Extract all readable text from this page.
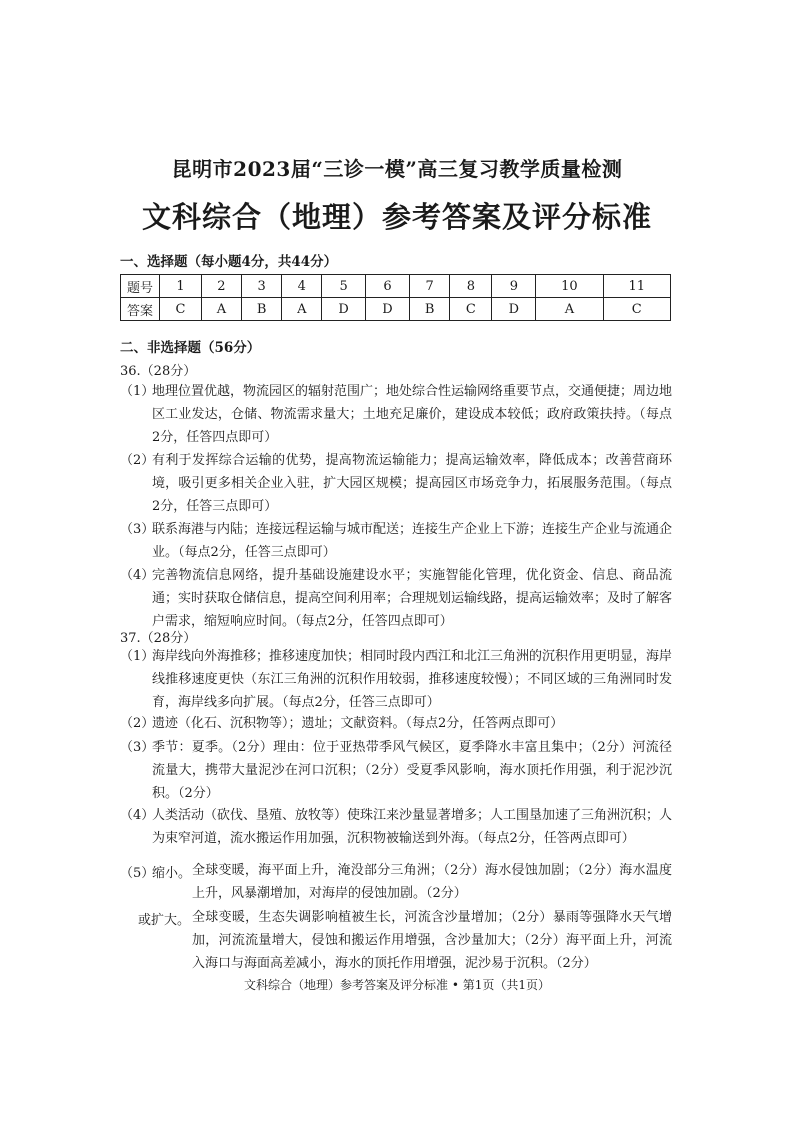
昆明市2023届“三诊一模”高三复习教学质量检测
文科综合（地理）参考答案及评分标准
一、选择题（每小题4分，共44分）
题号	1	2	3	4	5	6	7	8	9	10	11
答案	C	A	B	A	D	D	B	C	D	A	C
二、非选择题（56分）
36.（28分）
（1）
地理位置优越，物流园区的辐射范围广；地处综合性运输网络重要节点，交通便捷；周边地区工业发达，仓储、物流需求量大；土地充足廉价，建设成本较低；政府政策扶持。（每点2分，任答四点即可）
（2）
有利于发挥综合运输的优势，提高物流运输能力；提高运输效率，降低成本；改善营商环境，吸引更多相关企业入驻，扩大园区规模；提高园区市场竞争力，拓展服务范围。（每点2分，任答三点即可）
（3）
联系海港与内陆；连接远程运输与城市配送；连接生产企业上下游；连接生产企业与流通企业。（每点2分，任答三点即可）
（4）
完善物流信息网络，提升基础设施建设水平；实施智能化管理，优化资金、信息、商品流通；实时获取仓储信息，提高空间利用率；合理规划运输线路，提高运输效率；及时了解客户需求，缩短响应时间。（每点2分，任答四点即可）
37.（28分）
（1）
海岸线向外海推移；推移速度加快；相同时段内西江和北江三角洲的沉积作用更明显，海岸线推移速度更快（东江三角洲的沉积作用较弱，推移速度较慢）；不同区域的三角洲同时发育，海岸线多向扩展。（每点2分，任答三点即可）
（2）
遗迹（化石、沉积物等）；遗址；文献资料。（每点2分，任答两点即可）
（3）
季节：夏季。（2分）理由：位于亚热带季风气候区，夏季降水丰富且集中；（2分）河流径流量大，携带大量泥沙在河口沉积；（2分）受夏季风影响，海水顶托作用强，利于泥沙沉积。（2分）
（4）
人类活动（砍伐、垦殖、放牧等）使珠江来沙量显著增多；人工围垦加速了三角洲沉积；人为束窄河道，流水搬运作用加强，沉积物被输送到外海。（每点2分，任答两点即可）
（5）
缩小。 全球变暖，海平面上升，淹没部分三角洲；（2分）海水侵蚀加剧；（2分）海水温度上升，风暴潮增加，对海岸的侵蚀加剧。（2分）
或扩大。 全球变暖，生态失调影响植被生长，河流含沙量增加；（2分）暴雨等强降水天气增加，河流流量增大，侵蚀和搬运作用增强，含沙量加大；（2分）海平面上升，河流入海口与海面高差减小，海水的顶托作用增强，泥沙易于沉积。（2分）
文科综合（地理）参考答案及评分标准 • 第1页（共1页）
